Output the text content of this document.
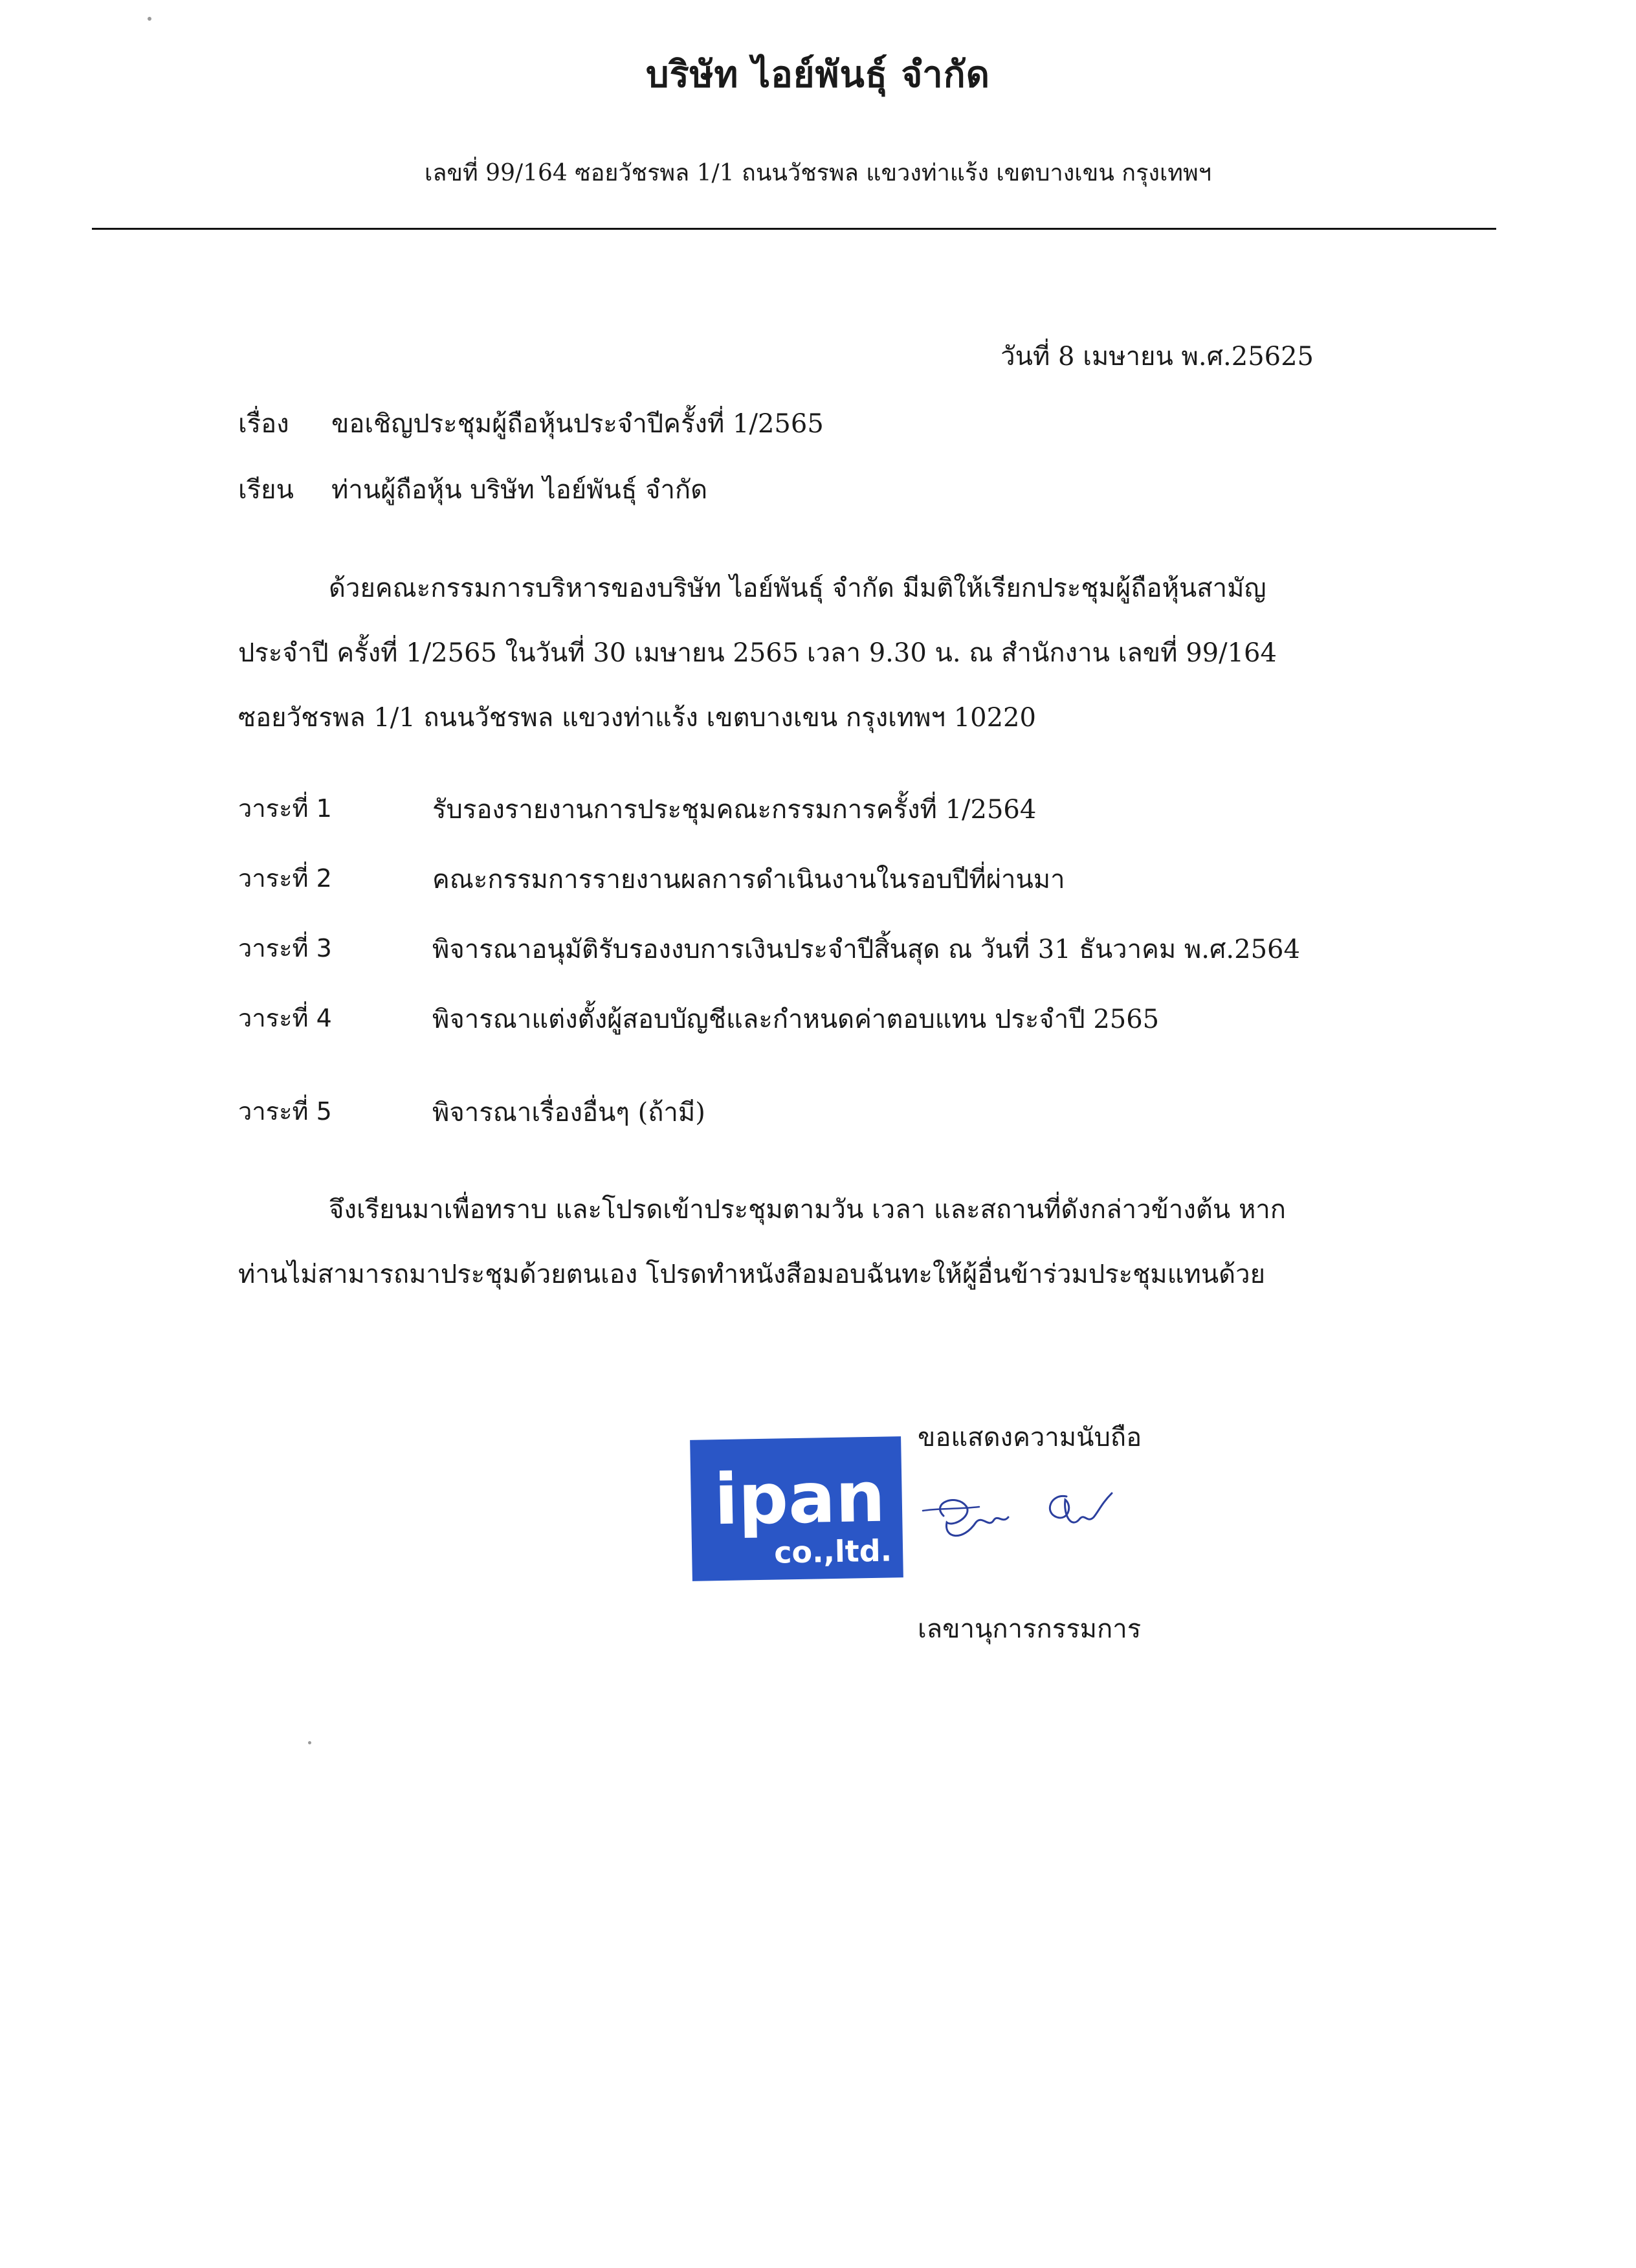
บริษัท ไอย์พันธุ์ จำกัด
เลขที่ 99/164 ซอยวัชรพล 1/1 ถนนวัชรพล แขวงท่าแร้ง เขตบางเขน กรุงเทพฯ
วันที่ 8 เมษายน พ.ศ.25625
เรื่อง ขอเชิญประชุมผู้ถือหุ้นประจำปีครั้งที่ 1/2565
เรียน ท่านผู้ถือหุ้น บริษัท ไอย์พันธุ์ จำกัด
ด้วยคณะกรรมการบริหารของบริษัท ไอย์พันธุ์ จำกัด มีมติให้เรียกประชุมผู้ถือหุ้นสามัญ
ประจำปี ครั้งที่ 1/2565 ในวันที่ 30 เมษายน 2565 เวลา 9.30 น. ณ สำนักงาน เลขที่ 99/164
ซอยวัชรพล 1/1 ถนนวัชรพล แขวงท่าแร้ง เขตบางเขน กรุงเทพฯ 10220
วาระที่ 1	รับรองรายงานการประชุมคณะกรรมการครั้งที่ 1/2564
วาระที่ 2	คณะกรรมการรายงานผลการดำเนินงานในรอบปีที่ผ่านมา
วาระที่ 3	พิจารณาอนุมัติรับรองงบการเงินประจำปีสิ้นสุด ณ วันที่ 31 ธันวาคม พ.ศ.2564
วาระที่ 4	พิจารณาแต่งตั้งผู้สอบบัญชีและกำหนดค่าตอบแทน ประจำปี 2565
วาระที่ 5	พิจารณาเรื่องอื่นๆ (ถ้ามี)
จึงเรียนมาเพื่อทราบ และโปรดเข้าประชุมตามวัน เวลา และสถานที่ดังกล่าวข้างต้น หาก
ท่านไม่สามารถมาประชุมด้วยตนเอง โปรดทำหนังสือมอบฉันทะให้ผู้อื่นข้าร่วมประชุมแทนด้วย
ขอแสดงความนับถือ
ipan
co.,ltd.
เลขานุการกรรมการ
